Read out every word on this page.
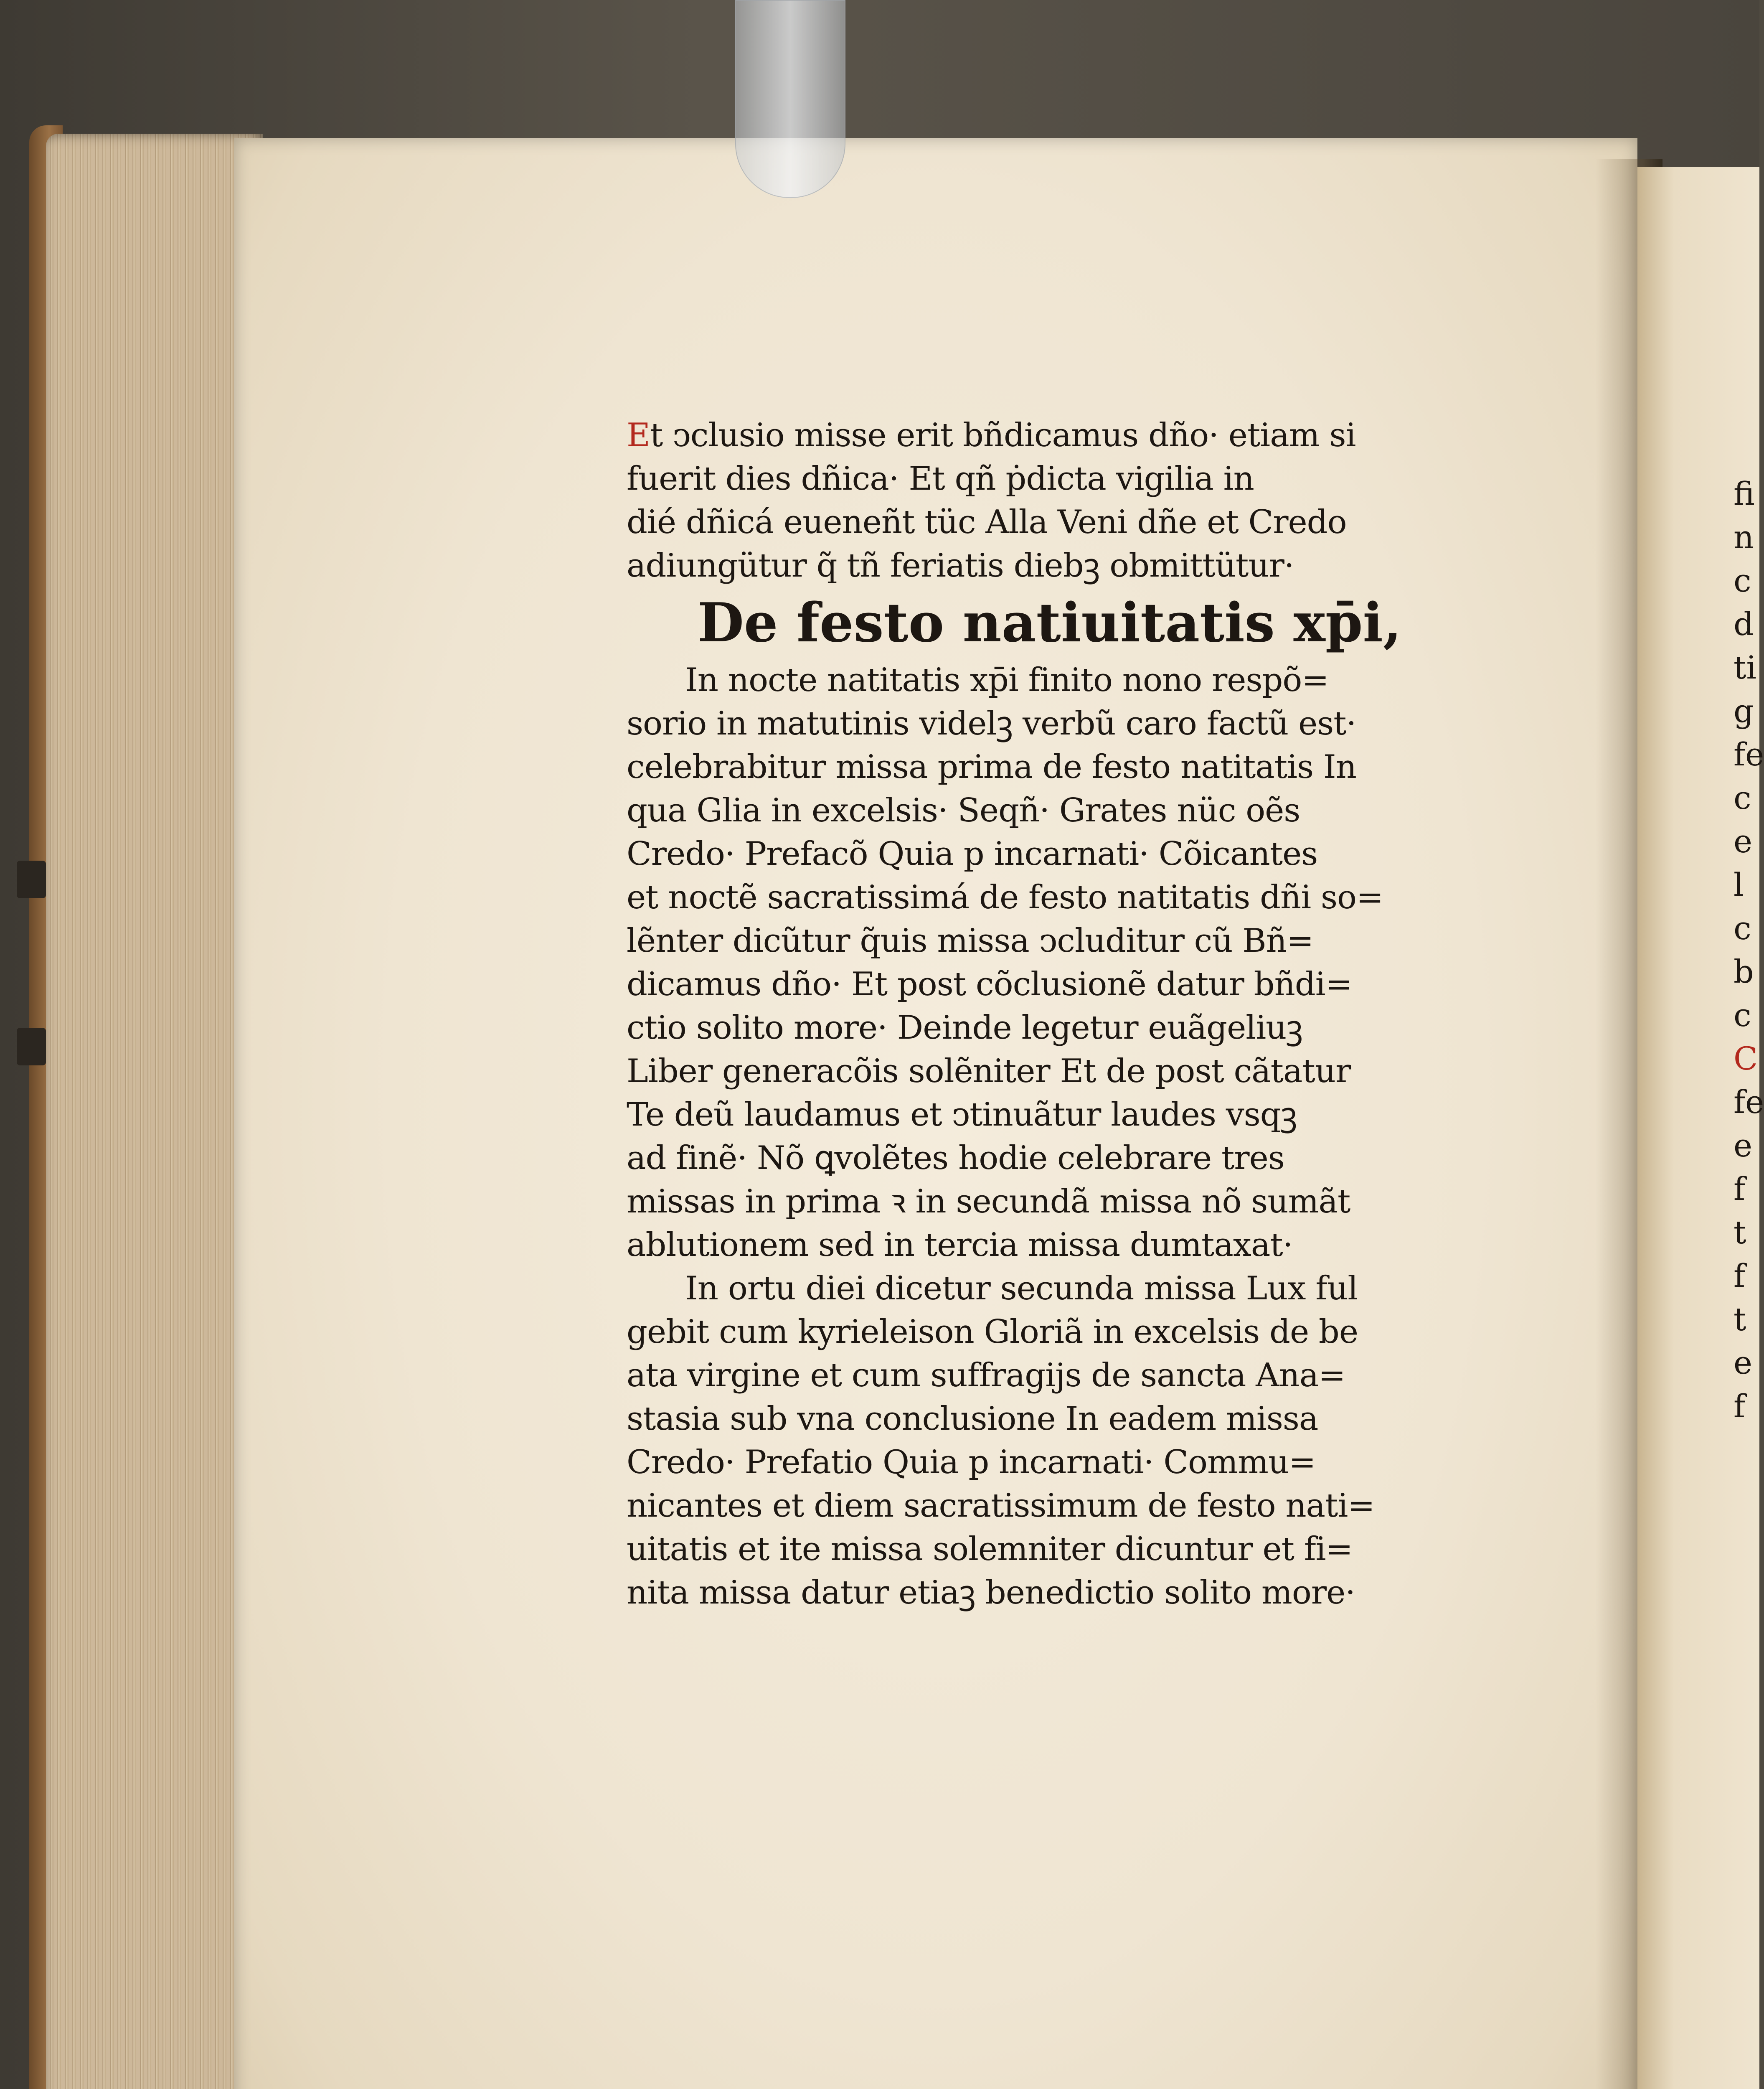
Et ↄclusio misse erit bñdicamus dño· etiam si
fuerit dies dñica· Et qñ ṗdicta vigilia in
dié dñicá eueneñt tüc Alla Veni dñe et Credo
adiungütur q̃ tñ feriatis diebꝫ obmittütur·
De festo natiuitatis xp̄i,
In nocte natitatis xp̄i finito nono respõ=
sorio in matutinis videlꝫ verbũ caro factũ est·
celebrabitur missa prima de festo natitatis In
qua Glia in excelsis· Seqñ· Grates nüc oẽs
Credo· Prefacõ Quia p incarnati· Cõicantes
et noctẽ sacratissimá de festo natitatis dñi so=
lẽnter dicũtur q̃uis missa ↄcluditur cũ Bñ=
dicamus dño· Et post cõclusionẽ datur bñdi=
ctio solito more· Deinde legetur euãgeliuꝫ
Liber generacõis solẽniter Et de post cãtatur
Te deũ laudamus et ↄtinuãtur laudes vsqꝫ
ad finẽ· Nõ ꝗvolẽtes hodie celebrare tres
missas in prima ꝛ in secundã missa nõ sumãt
ablutionem sed in tercia missa dumtaxat·
In ortu diei dicetur secunda missa Lux ful
gebit cum kyrieleison Gloriã in excelsis de be
ata virgine et cum suffragijs de sancta Ana=
stasia sub vna conclusione In eadem missa
Credo· Prefatio Quia p incarnati· Commu=
nicantes et diem sacratissimum de festo nati=
uitatis et ite missa solemniter dicuntur et fi=
nita missa datur etiaꝫ benedictio solito more·
fi
n
c
d
ti
g
fe
c
e
l
c
b
c
C
fe
e
f
t
f
t
e
f
